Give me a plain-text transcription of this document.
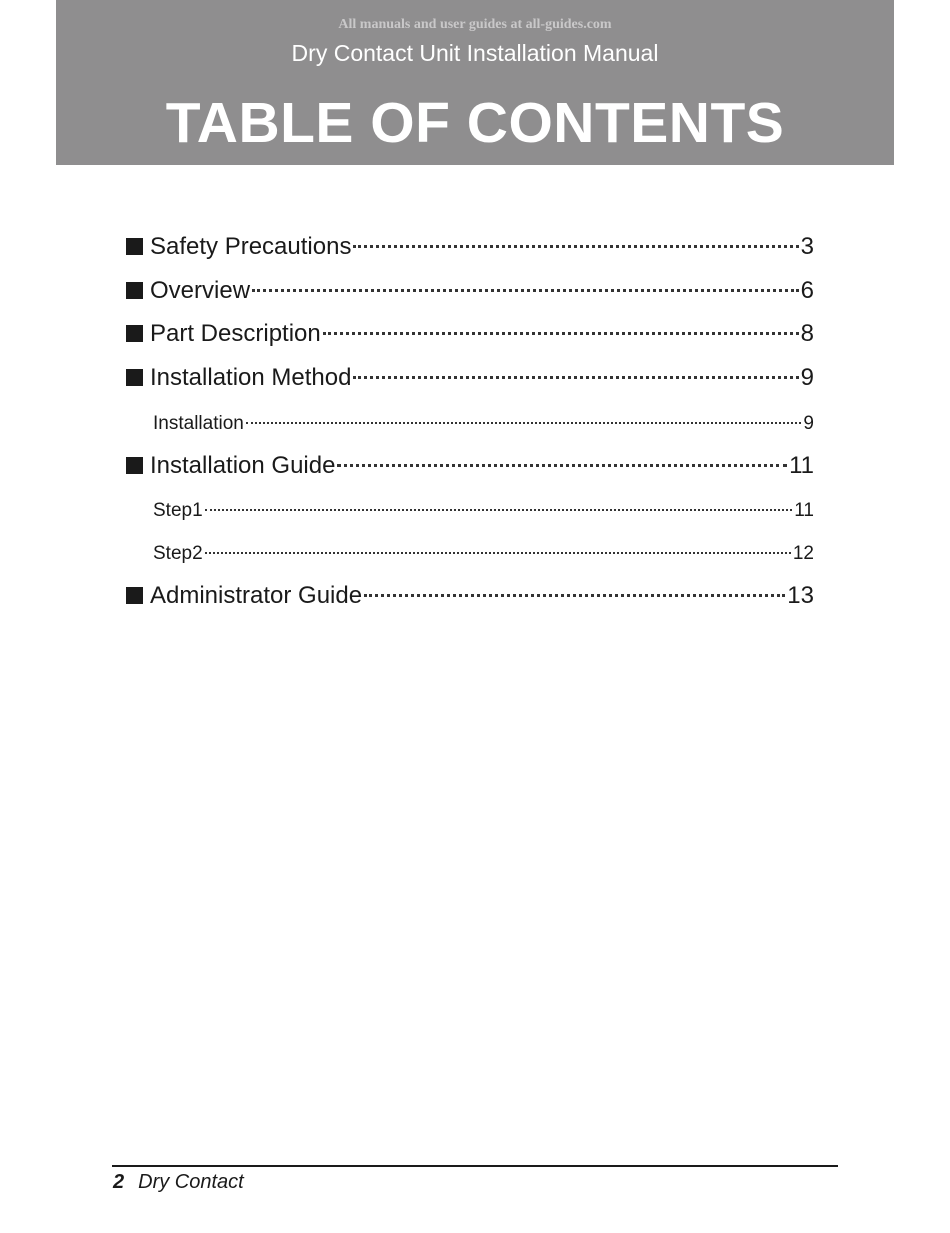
All manuals and user guides at all-guides.com
Dry Contact Unit Installation Manual
TABLE OF CONTENTS
Safety Precautions	3
Overview	6
Part Description	8
Installation Method	9
Installation	9
Installation Guide	11
Step1	11
Step2	12
Administrator Guide	13
2 Dry Contact
